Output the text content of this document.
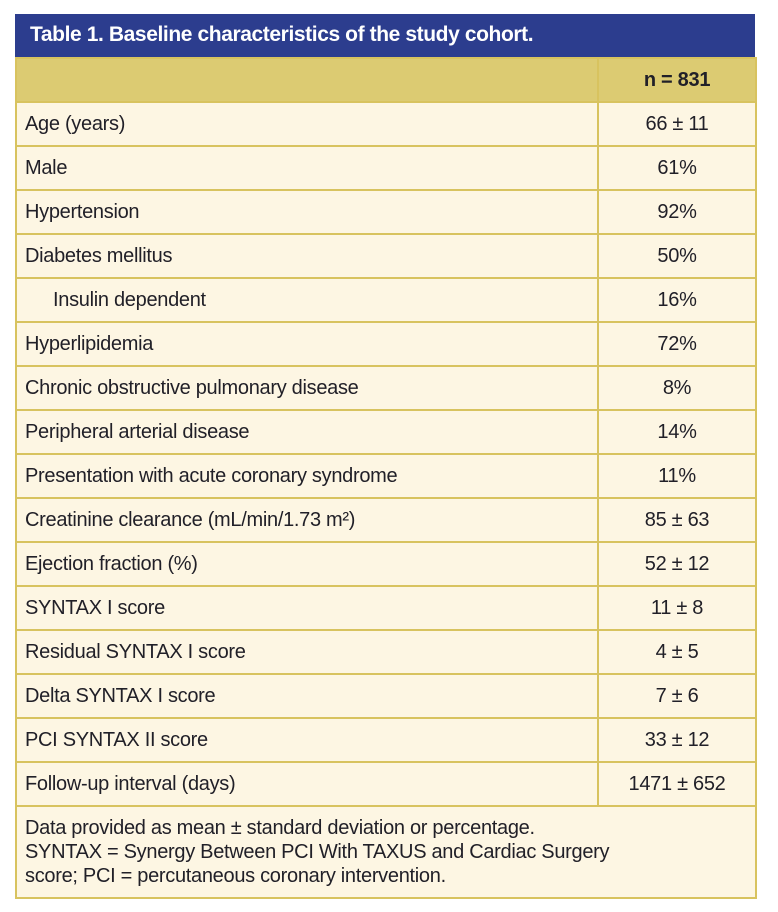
Table 1. Baseline characteristics of the study cohort.
	n = 831
Age (years)	66 ± 11
Male	61%
Hypertension	92%
Diabetes mellitus	50%
Insulin dependent	16%
Hyperlipidemia	72%
Chronic obstructive pulmonary disease	8%
Peripheral arterial disease	14%
Presentation with acute coronary syndrome	11%
Creatinine clearance (mL/min/1.73 m²)	85 ± 63
Ejection fraction (%)	52 ± 12
SYNTAX I score	11 ± 8
Residual SYNTAX I score	4 ± 5
Delta SYNTAX I score	7 ± 6
PCI SYNTAX II score	33 ± 12
Follow-up interval (days)	1471 ± 652

Data provided as mean ± standard deviation or percentage.
SYNTAX = Synergy Between PCI With TAXUS and Cardiac Surgery
score; PCI = percutaneous coronary intervention.	
